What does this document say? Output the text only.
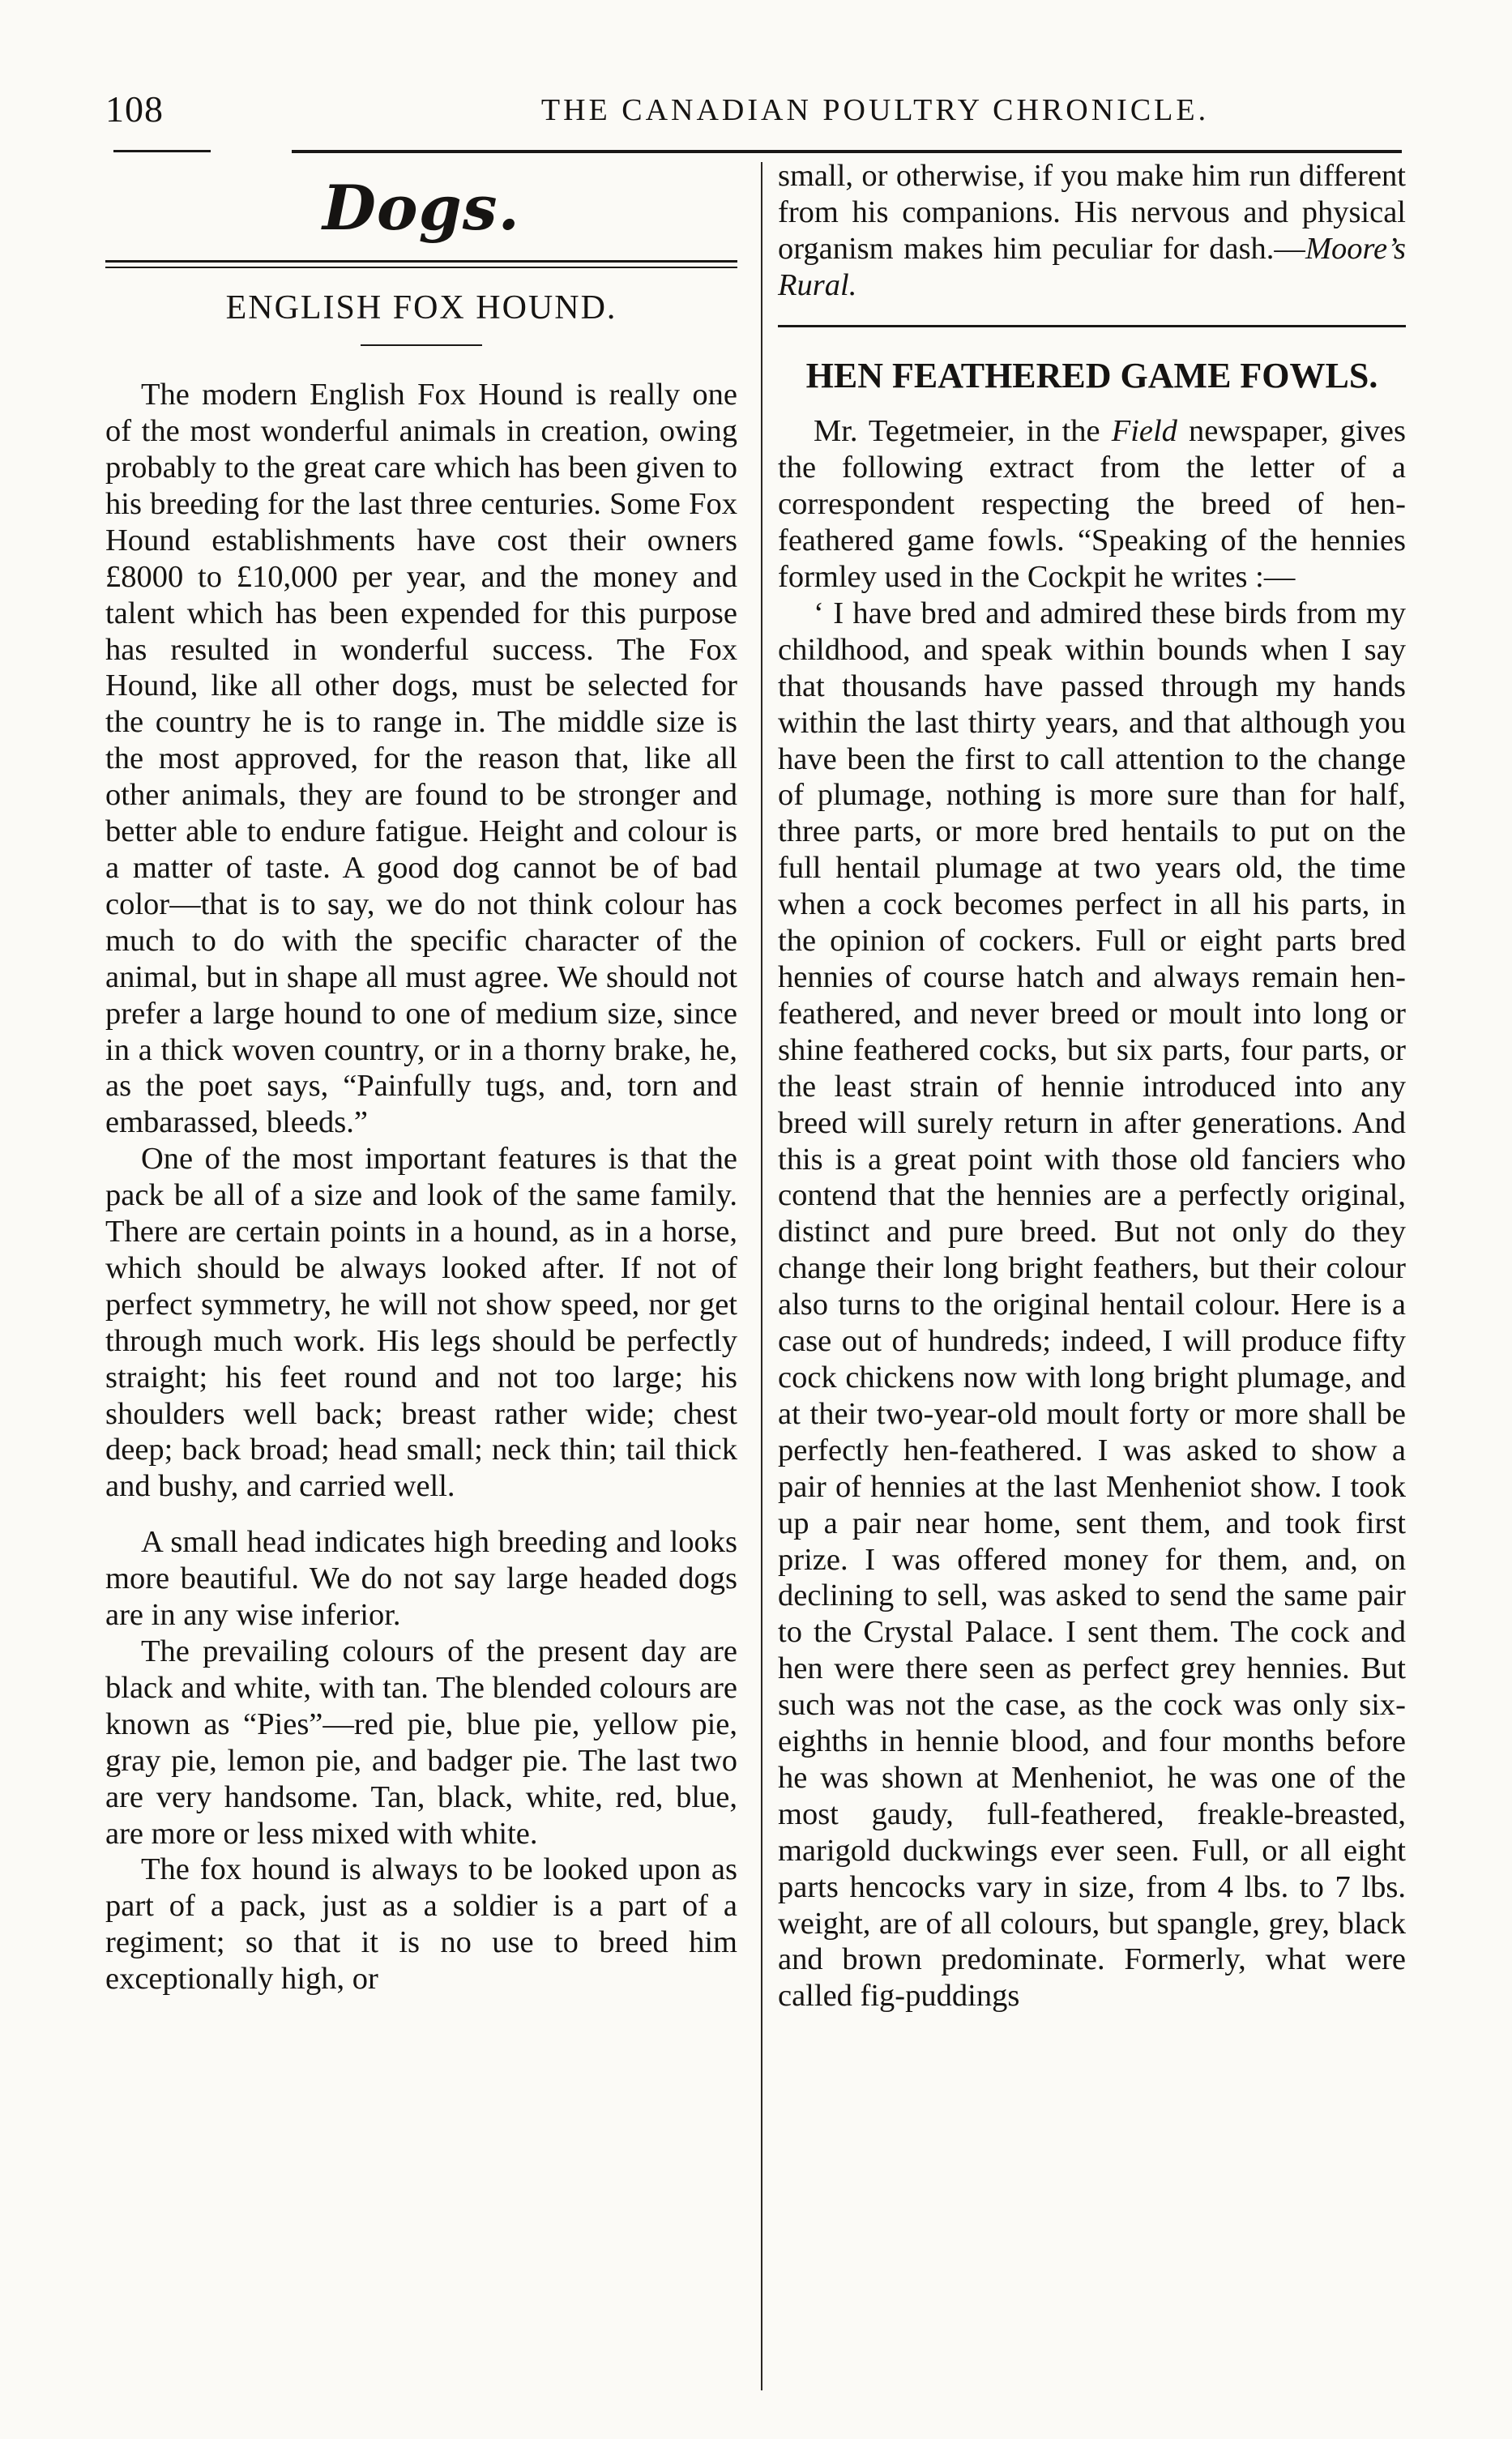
108	THE CANADIAN POULTRY CHRONICLE.
Dogs.
ENGLISH FOX HOUND.

The modern English Fox Hound is really one of the most wonderful animals in creation, owing probably to the great care which has been given to his breeding for the last three centuries. Some Fox Hound establishments have cost their owners £8000 to £10,000 per year, and the money and talent which has been expended for this purpose has resulted in wonderful success. The Fox Hound, like all other dogs, must be selected for the country he is to range in. The middle size is the most approved, for the reason that, like all other animals, they are found to be stronger and better able to endure fatigue. Height and colour is a matter of taste. A good dog cannot be of bad color—that is to say, we do not think colour has much to do with the specific character of the animal, but in shape all must agree. We should not prefer a large hound to one of medium size, since in a thick woven country, or in a thorny brake, he, as the poet says, “Painfully tugs, and, torn and embarassed, bleeds.”

One of the most important features is that the pack be all of a size and look of the same family. There are certain points in a hound, as in a horse, which should be always looked after. If not of perfect symmetry, he will not show speed, nor get through much work. His legs should be perfectly straight; his feet round and not too large; his shoulders well back; breast rather wide; chest deep; back broad; head small; neck thin; tail thick and bushy, and carried well.

A small head indicates high breeding and looks more beautiful. We do not say large headed dogs are in any wise inferior.

The prevailing colours of the present day are black and white, with tan. The blended colours are known as “Pies”—red pie, blue pie, yellow pie, gray pie, lemon pie, and badger pie. The last two are very handsome. Tan, black, white, red, blue, are more or less mixed with white.

The fox hound is always to be looked upon as part of a pack, just as a soldier is a part of a regiment; so that it is no use to breed him exceptionally high, or

small, or otherwise, if you make him run different from his companions. His nervous and physical organism makes him peculiar for dash.—Moore’s Rural.

HEN FEATHERED GAME FOWLS.

Mr. Tegetmeier, in the Field newspaper, gives the following extract from the letter of a correspondent respecting the breed of hen-feathered game fowls. “Speaking of the hennies formley used in the Cockpit he writes :—

‘ I have bred and admired these birds from my childhood, and speak within bounds when I say that thousands have passed through my hands within the last thirty years, and that although you have been the first to call attention to the change of plumage, nothing is more sure than for half, three parts, or more bred hentails to put on the full hentail plumage at two years old, the time when a cock becomes perfect in all his parts, in the opinion of cockers. Full or eight parts bred hennies of course hatch and always remain hen-feathered, and never breed or moult into long or shine feathered cocks, but six parts, four parts, or the least strain of hennie introduced into any breed will surely return in after generations. And this is a great point with those old fanciers who contend that the hennies are a perfectly original, distinct and pure breed. But not only do they change their long bright feathers, but their colour also turns to the original hentail colour. Here is a case out of hundreds; indeed, I will produce fifty cock chickens now with long bright plumage, and at their two-year-old moult forty or more shall be perfectly hen-feathered. I was asked to show a pair of hennies at the last Menheniot show. I took up a pair near home, sent them, and took first prize. I was offered money for them, and, on declining to sell, was asked to send the same pair to the Crystal Palace. I sent them. The cock and hen were there seen as perfect grey hennies. But such was not the case, as the cock was only six-eighths in hennie blood, and four months before he was shown at Menheniot, he was one of the most gaudy, full-feathered, freakle-breasted, marigold duckwings ever seen. Full, or all eight parts hencocks vary in size, from 4 lbs. to 7 lbs. weight, are of all colours, but spangle, grey, black and brown predominate. Formerly, what were called fig-puddings
